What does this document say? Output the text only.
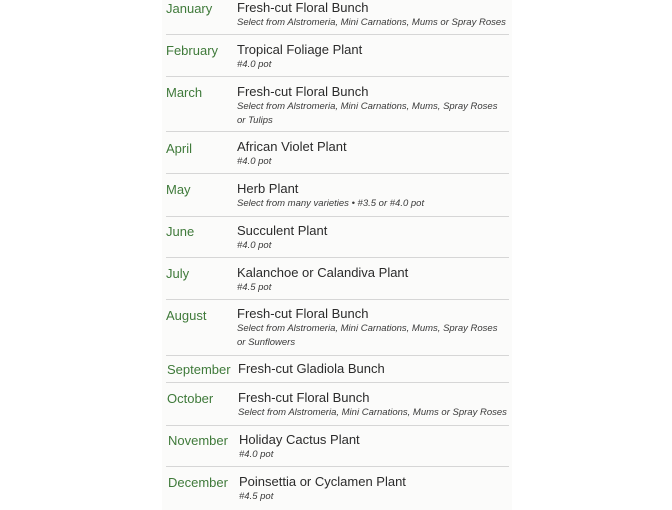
January Fresh-cut Floral Bunch
Select from Alstromeria, Mini Carnations, Mums or Spray Roses
February Tropical Foliage Plant
#4.0 pot
March	Fresh-cut Floral Bunch
Select from Alstromeria, Mini Carnations, Mums, Spray Roses or Tulips
April	African Violet Plant
#4.0 pot
May	Herb Plant
Select from many varieties • #3.5 or #4.0 pot
June	Succulent Plant
#4.0 pot
July	Kalanchoe or Calandiva Plant
#4.5 pot
August Fresh-cut Floral Bunch
Select from Alstromeria, Mini Carnations, Mums, Spray Roses or Sunflowers
September Fresh-cut Gladiola Bunch
October Fresh-cut Floral Bunch
Select from Alstromeria, Mini Carnations, Mums or Spray Roses
November Holiday Cactus Plant
#4.0 pot
December Poinsettia or Cyclamen Plant
#4.5 pot
